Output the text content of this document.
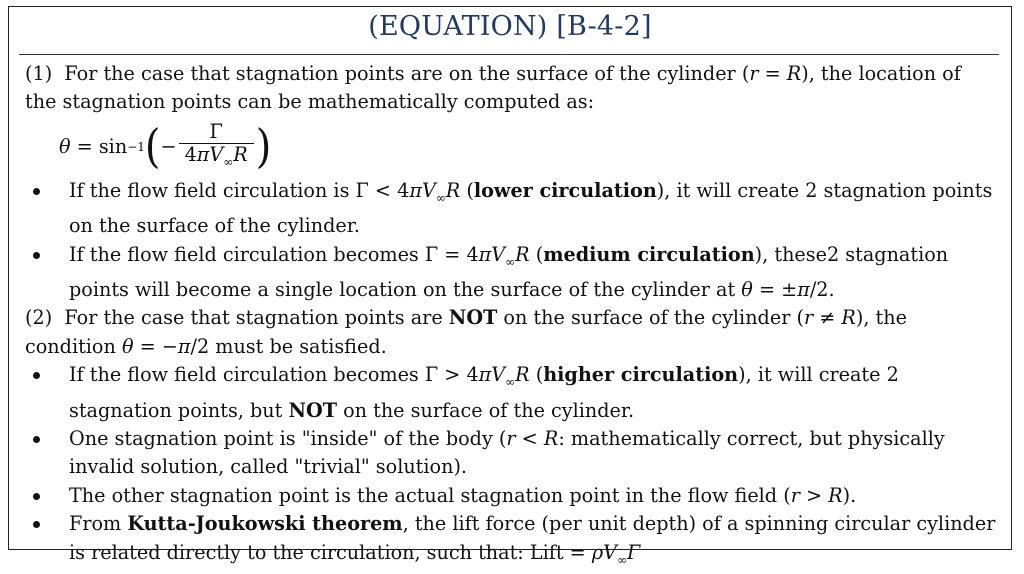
(EQUATION) [B-4-2]

(1)  For the case that stagnation points are on the surface of the cylinder (r = R), the location of the stagnation points can be mathematically computed as:

θ = sin −1 ( − $\frac{\Gamma}{4\pi V_\infty R}$ )
If the flow field circulation is $\Gamma < 4\pi V_\infty R$ (lower circulation), it will create 2 stagnation points on the surface of the cylinder.
If the flow field circulation becomes $\Gamma = 4\pi V_\infty R$ (medium circulation), these2 stagnation points will become a single location on the surface of the cylinder at θ = ±π/2.

(2)  For the case that stagnation points are NOT on the surface of the cylinder (r ≠ R), the condition θ = −π/2 must be satisfied.

If the flow field circulation becomes $\Gamma > 4\pi V_\infty R$ (higher circulation), it will create 2 stagnation points, but NOT on the surface of the cylinder.
One stagnation point is "inside" of the body (r < R: mathematically correct, but physically invalid solution, called "trivial" solution).
The other stagnation point is the actual stagnation point in the flow field (r > R).
From Kutta-Joukowski theorem, the lift force (per unit depth) of a spinning circular cylinder is related directly to the circulation, such that: Lift = $\rho V_\infty\Gamma$
